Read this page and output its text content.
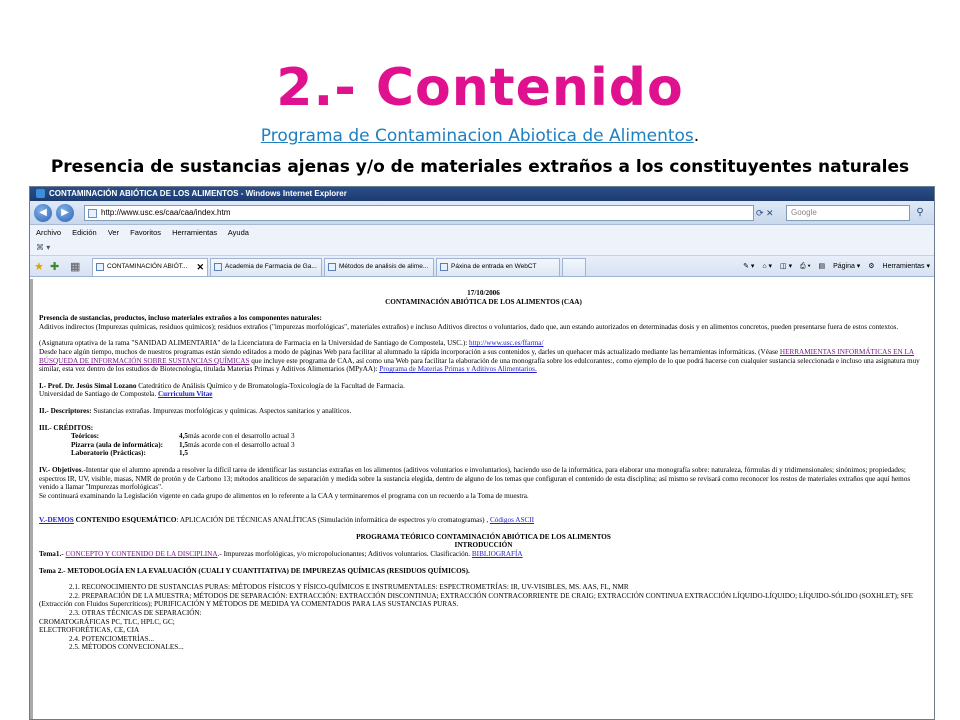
2.- Contenido
Programa de Contaminacion Abiotica de Alimentos.
Presencia de sustancias ajenas y/o de materiales extraños a los constituyentes naturales
CONTAMINACIÓN ABIÓTICA DE LOS ALIMENTOS - Windows Internet Explorer
◀	▶	http://www.usc.es/caa/caa/index.htm	⟳ ✕	Google	⚲
Archivo Edición Ver Favoritos Herramientas Ayuda
⌘ ▾
★ ✚ ▦	CONTAMINACIÓN ABIÓT... ✕	Academia de Farmacia de Ga...	Métodos de analisis de alime...	Páxina de entrada en WebCT	✎ ▾ ⌂ ▾ ◫ ▾ ⎙ ▾ ▤ Página ▾ ⚙ Herramientas ▾
17/10/2006
CONTAMINACIÓN ABIÓTICA DE LOS ALIMENTOS (CAA)
Presencia de sustancias, productos, incluso materiales extraños a los componentes naturales:
Aditivos indirectos (Impurezas químicas, residuos químicos); residuos extraños ("impurezas morfológicas", materiales extraños) e incluso Aditivos directos o voluntarios, dado que, aun estando autorizados en determinadas dosis y en alimentos concretos, pueden presentarse fuera de estos contextos.
(Asignatura optativa de la rama "SANIDAD ALIMENTARIA" de la Licenciatura de Farmacia en la Universidad de Santiago de Compostela, USC.): http://www.usc.es/ffarma/
Desde hace algún tiempo, muchos de nuestros programas están siendo editados a modo de páginas Web para facilitar al alumnado la rápida incorporación a sus contenidos y, darles un quehacer más actualizado mediante las herramientas informáticas. (Véase HERRAMIENTAS INFORMÁTICAS EN LA BÚSQUEDA DE INFORMACIÓN SOBRE SUSTANCIAS QUÍMICAS que incluye este programa de CAA, así como una Web para facilitar la elaboración de una monografía sobre los edulcorantes:, como ejemplo de lo que podrá hacerse con cualquier sustancia seleccionada e incluso una asignatura muy similar, esta vez dentro de los estudios de Biotecnología, titulada Materias Primas y Aditivos Alimentarios (MPyAA): Programa de Materias Primas y Aditivos Alimentarios.
I.- Prof. Dr. Jesús Simal Lozano Catedrático de Análisis Químico y de Bromatología-Toxicología de la Facultad de Farmacia.
Universidad de Santiago de Compostela. Curriculum Vitae
II.- Descriptores: Sustancias extrañas. Impurezas morfológicas y químicas. Aspectos sanitarios y analíticos.
III.- CRÉDITOS:
Teóricos:	4,5más acorde con el desarrollo actual 3
Pizarra (aula de informática): 1,5más acorde con el desarrollo actual 3
Laboratorio (Prácticas):	1,5
IV.- Objetivos.-Intentar que el alumno aprenda a resolver la difícil tarea de identificar las sustancias extrañas en los alimentos (aditivos voluntarios e involuntarios), haciendo uso de la informática, para elaborar una monografía sobre: naturaleza, fórmulas di y tridimensionales; sinónimos; propiedades; espectros IR, UV, visible, masas, NMR de protón y de Carbono 13; métodos analíticos de separación y medida sobre la sustancia elegida, dentro de alguno de los temas que configuran el contenido de esta disciplina; así mismo se revisará como reconocer los restos de materiales extraños que aquí hemos venido a llamar "Impurezas morfológicas".
Se continuará examinando la Legislación vigente en cada grupo de alimentos en lo referente a la CAA y terminaremos el programa con un recuerdo a la Toma de muestra.
V.-DEMOS CONTENIDO ESQUEMÁTICO: APLICACIÓN DE TÉCNICAS ANALÍTICAS (Simulación informática de espectros y/o cromatogramas) , Códigos ASCII
PROGRAMA TEÓRICO CONTAMINACIÓN ABIÓTICA DE LOS ALIMENTOS
INTRODUCCIÓN
Tema1.- CONCEPTO Y CONTENIDO DE LA DISCIPLINA.- Impurezas morfológicas, y/o micropolucionantes; Aditivos voluntarios. Clasificación. BIBLIOGRAFÍA
Tema 2.- METODOLOGÍA EN LA EVALUACIÓN (CUALI Y CUANTITATIVA) DE IMPUREZAS QUÍMICAS (RESIDUOS QUÍMICOS).
2.1. RECONOCIMIENTO DE SUSTANCIAS PURAS: MÉTODOS FÍSICOS Y FÍSICO-QUÍMICOS E INSTRUMENTALES: ESPECTROMETRÍAS: IR, UV-VISIBLES, MS. AAS, FL, NMR
2.2. PREPARACIÓN DE LA MUESTRA; MÉTODOS DE SEPARACIÓN: EXTRACCIÓN: EXTRACCIÓN DISCONTINUA; EXTRACCIÓN CONTRACORRIENTE DE CRAIG; EXTRACCIÓN CONTINUA EXTRACCIÓN LÍQUIDO-LÍQUIDO; LÍQUIDO-SÓLIDO (SOXHLET); SFE (Extracción con Fluidos Supercríticos); PURIFICACIÓN Y MÉTODOS DE MEDIDA YA COMENTADOS PARA LAS SUSTANCIAS PURAS.
2.3. OTRAS TÉCNICAS DE SEPARACIÓN:
CROMATOGRÁFICAS PC, TLC, HPLC, GC;
ELECTROFORÉTICAS, CE, CIA
2.4. POTENCIOMETRÍAS...
2.5. MÉTODOS CONVECIONALES...
